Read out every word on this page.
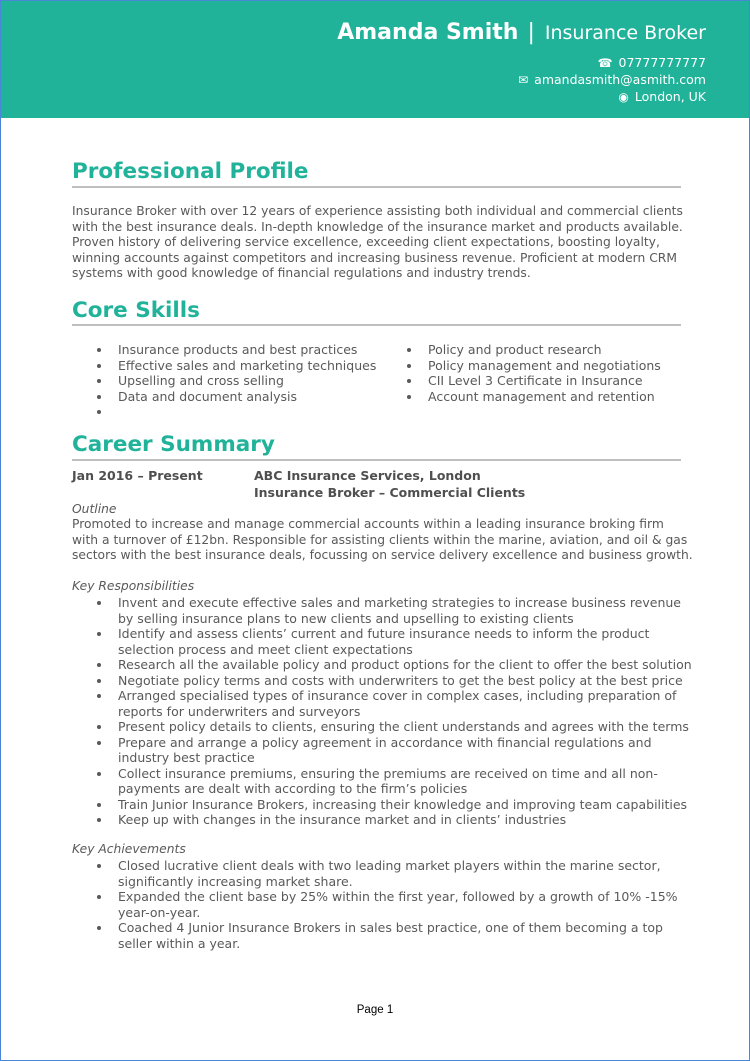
Amanda Smith | Insurance Broker
☎ 07777777777
✉ amandasmith@asmith.com
◉ London, UK
Professional Profile
Insurance Broker with over 12 years of experience assisting both individual and commercial clients
with the best insurance deals. In-depth knowledge of the insurance market and products available.
Proven history of delivering service excellence, exceeding client expectations, boosting loyalty,
winning accounts against competitors and increasing business revenue. Proficient at modern CRM
systems with good knowledge of financial regulations and industry trends.
Core Skills
Insurance products and best practices
Effective sales and marketing techniques
Upselling and cross selling
Data and document analysis
Policy and product research
Policy management and negotiations
CII Level 3 Certificate in Insurance
Account management and retention
Career Summary
Jan 2016 – Present	ABC Insurance Services, London
Insurance Broker – Commercial Clients
Outline
Promoted to increase and manage commercial accounts within a leading insurance broking firm
with a turnover of £12bn. Responsible for assisting clients within the marine, aviation, and oil & gas
sectors with the best insurance deals, focussing on service delivery excellence and business growth.
Key Responsibilities
Invent and execute effective sales and marketing strategies to increase business revenue
by selling insurance plans to new clients and upselling to existing clients
Identify and assess clients’ current and future insurance needs to inform the product
selection process and meet client expectations
Research all the available policy and product options for the client to offer the best solution
Negotiate policy terms and costs with underwriters to get the best policy at the best price
Arranged specialised types of insurance cover in complex cases, including preparation of
reports for underwriters and surveyors
Present policy details to clients, ensuring the client understands and agrees with the terms
Prepare and arrange a policy agreement in accordance with financial regulations and
industry best practice
Collect insurance premiums, ensuring the premiums are received on time and all non-
payments are dealt with according to the firm’s policies
Train Junior Insurance Brokers, increasing their knowledge and improving team capabilities
Keep up with changes in the insurance market and in clients’ industries
Key Achievements
Closed lucrative client deals with two leading market players within the marine sector,
significantly increasing market share.
Expanded the client base by 25% within the first year, followed by a growth of 10% -15%
year-on-year.
Coached 4 Junior Insurance Brokers in sales best practice, one of them becoming a top
seller within a year.
Page 1
